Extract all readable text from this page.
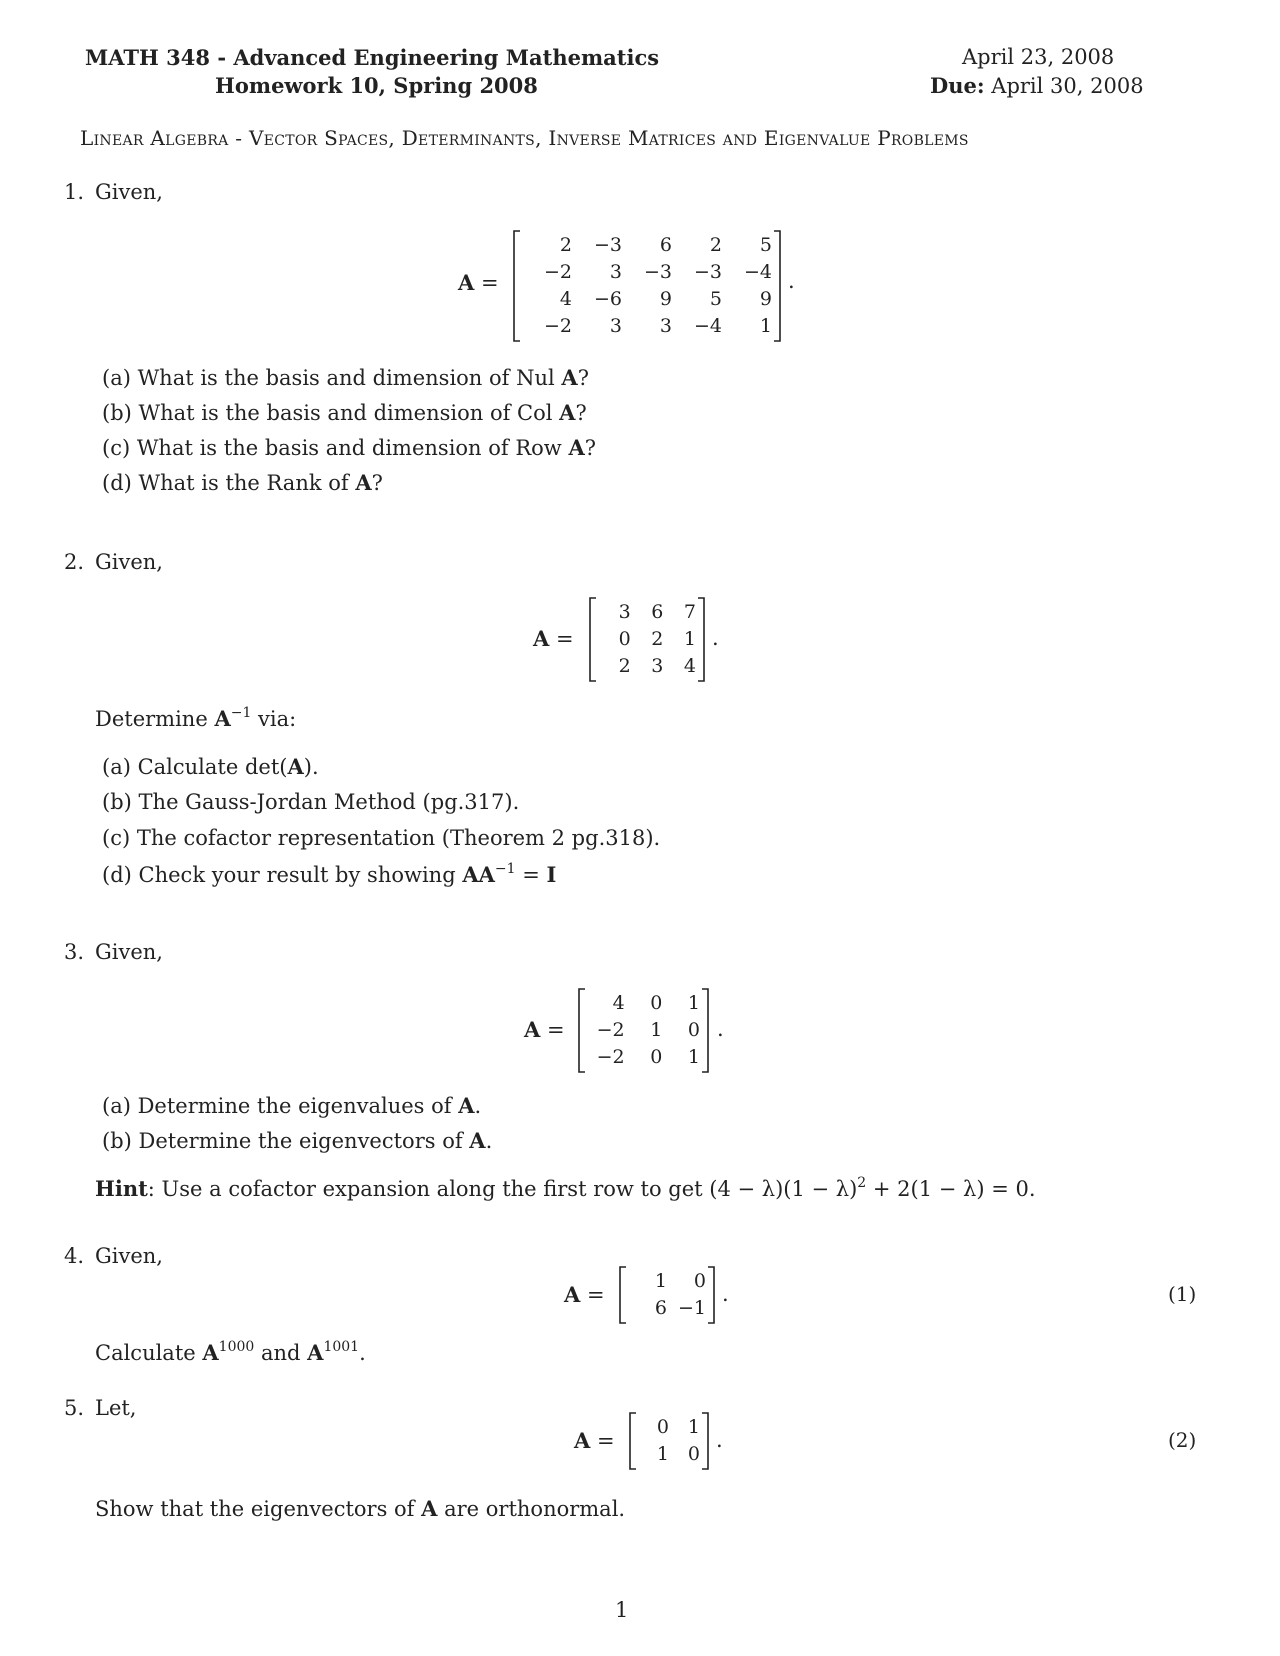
MATH 348 - Advanced Engineering Mathematics
Homework 10, Spring 2008
April 23, 2008
Due: April 30, 2008
Linear Algebra - Vector Spaces, Determinants, Inverse Matrices and Eigenvalue Problems
1. Given,
A =
2	−3	6	2	5
−2	3	−3	−3	−4
4	−6	9	5	9
−2	3	3	−4	1
.
(a) What is the basis and dimension of Nul A?
(b) What is the basis and dimension of Col A?
(c) What is the basis and dimension of Row A?
(d) What is the Rank of A?
2. Given,
A =
3	6	7
0	2	1
2	3	4
.
Determine $A^{-1}$ via:
(a) Calculate det(A).
(b) The Gauss-Jordan Method (pg.317).
(c) The cofactor representation (Theorem 2 pg.318).
(d) Check your result by showing $AA^{-1} = I$
3. Given,
A =
4	0	1
−2	1	0
−2	0	1
.
(a) Determine the eigenvalues of A.
(b) Determine the eigenvectors of A.
Hint: Use a cofactor expansion along the first row to get $(4 - \lambda)(1 - \lambda)^2 + 2(1 - \lambda) = 0$.
4. Given,
A =
1	0
6	−1
.	(1)
Calculate $A^{1000}$ and $A^{1001}$.
5. Let,
A =
0	1
1	0
.	(2)
Show that the eigenvectors of A are orthonormal.
1
